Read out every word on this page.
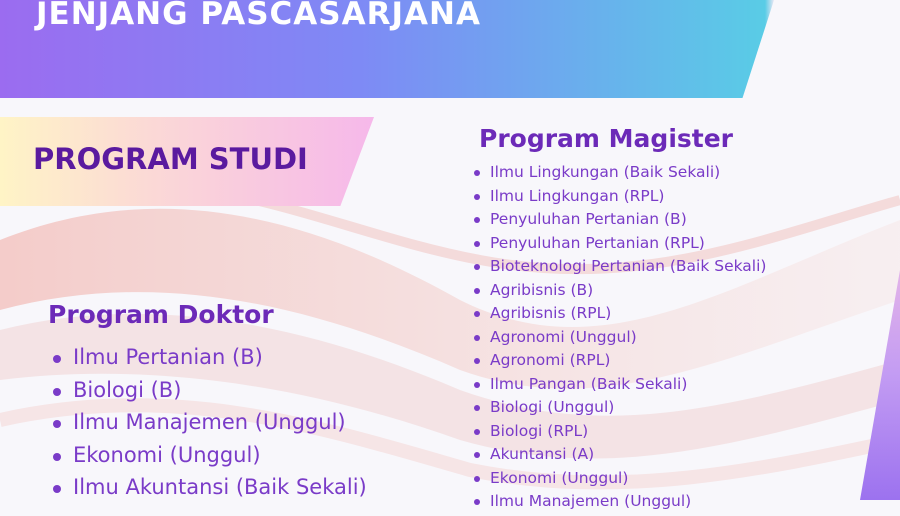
JENJANG PASCASARJANA
PROGRAM STUDI
Program Magister
Ilmu Lingkungan (Baik Sekali)
Ilmu Lingkungan (RPL)
Penyuluhan Pertanian (B)
Penyuluhan Pertanian (RPL)
Bioteknologi Pertanian (Baik Sekali)
Agribisnis (B)
Agribisnis (RPL)
Agronomi (Unggul)
Agronomi (RPL)
Ilmu Pangan (Baik Sekali)
Biologi (Unggul)
Biologi (RPL)
Akuntansi (A)
Ekonomi (Unggul)
Ilmu Manajemen (Unggul)
Program Doktor
Ilmu Pertanian (B)
Biologi (B)
Ilmu Manajemen (Unggul)
Ekonomi (Unggul)
Ilmu Akuntansi (Baik Sekali)
